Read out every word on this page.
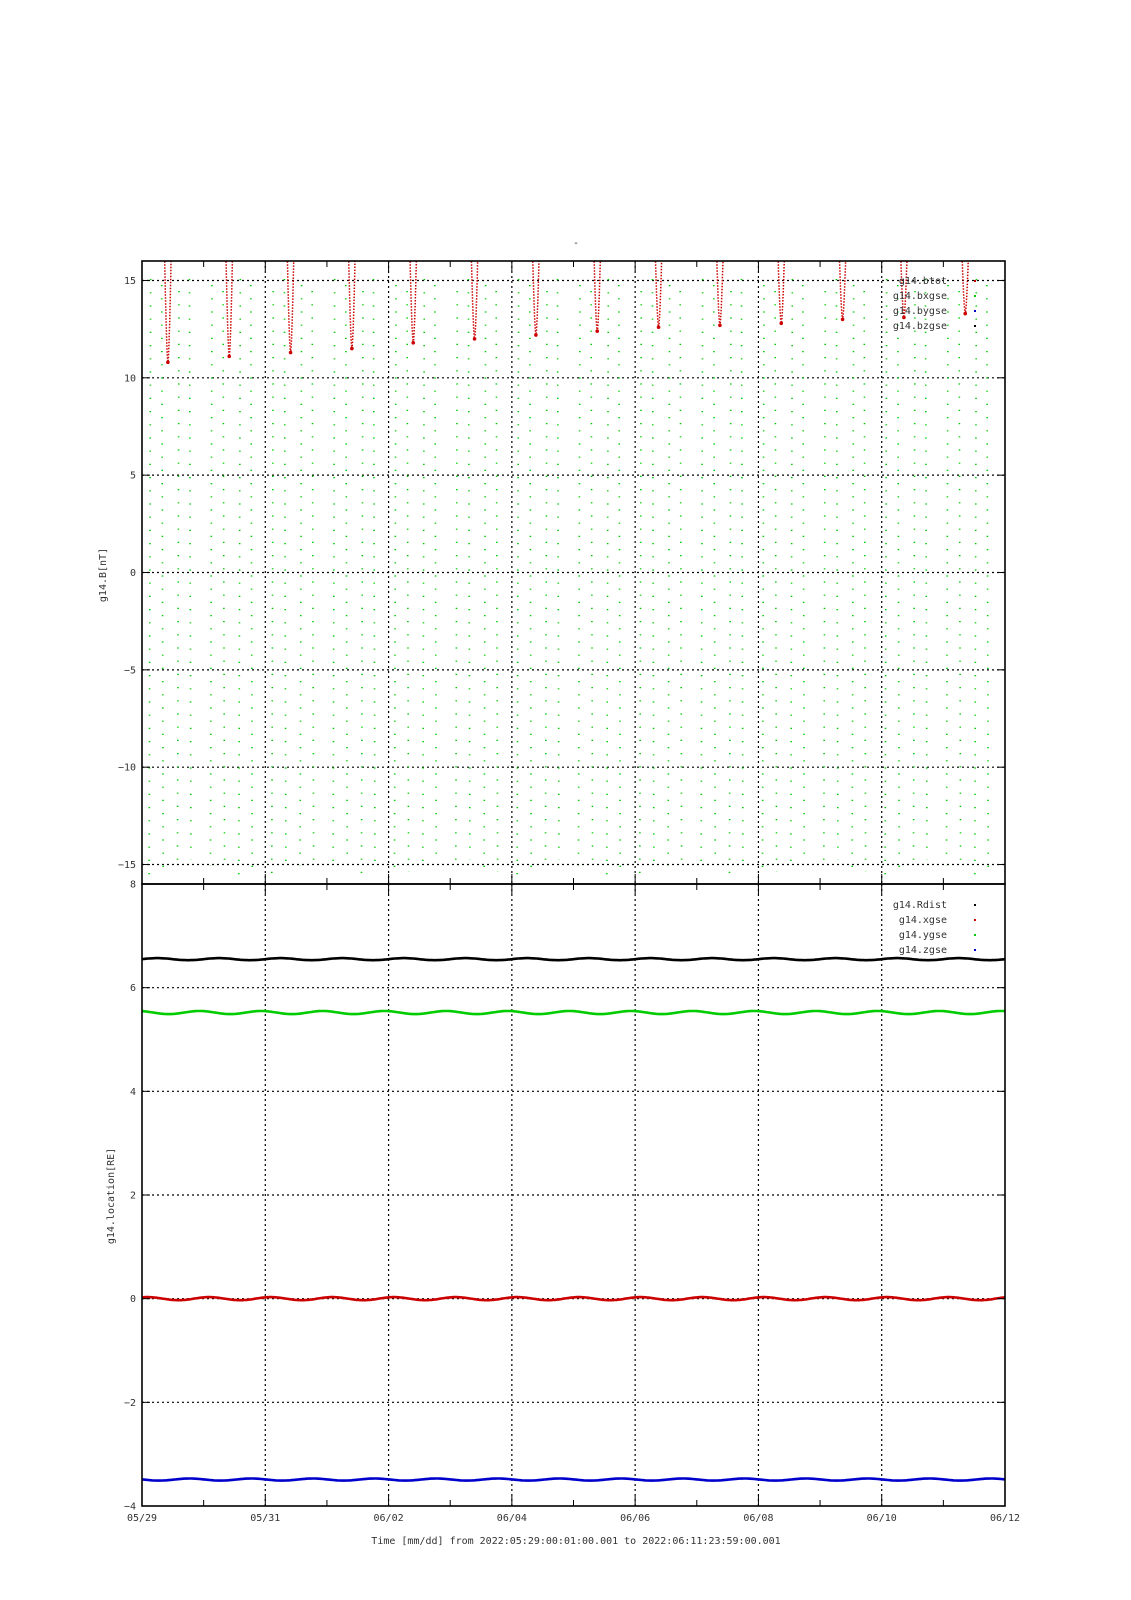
-
−15
−10
−5
0
5
10
15
g14.B[nT]
g14.btot
g14.bxgse
g14.bygse
g14.bzgse
−4
−2
0
2
4
6
8
g14.location[RE]
g14.Rdist
g14.xgse
g14.ygse
g14.zgse
05/29	05/31	06/02	06/04	06/06	06/08	06/10	06/12
Time [mm/dd] from 2022:05:29:00:01:00.001 to 2022:06:11:23:59:00.001
